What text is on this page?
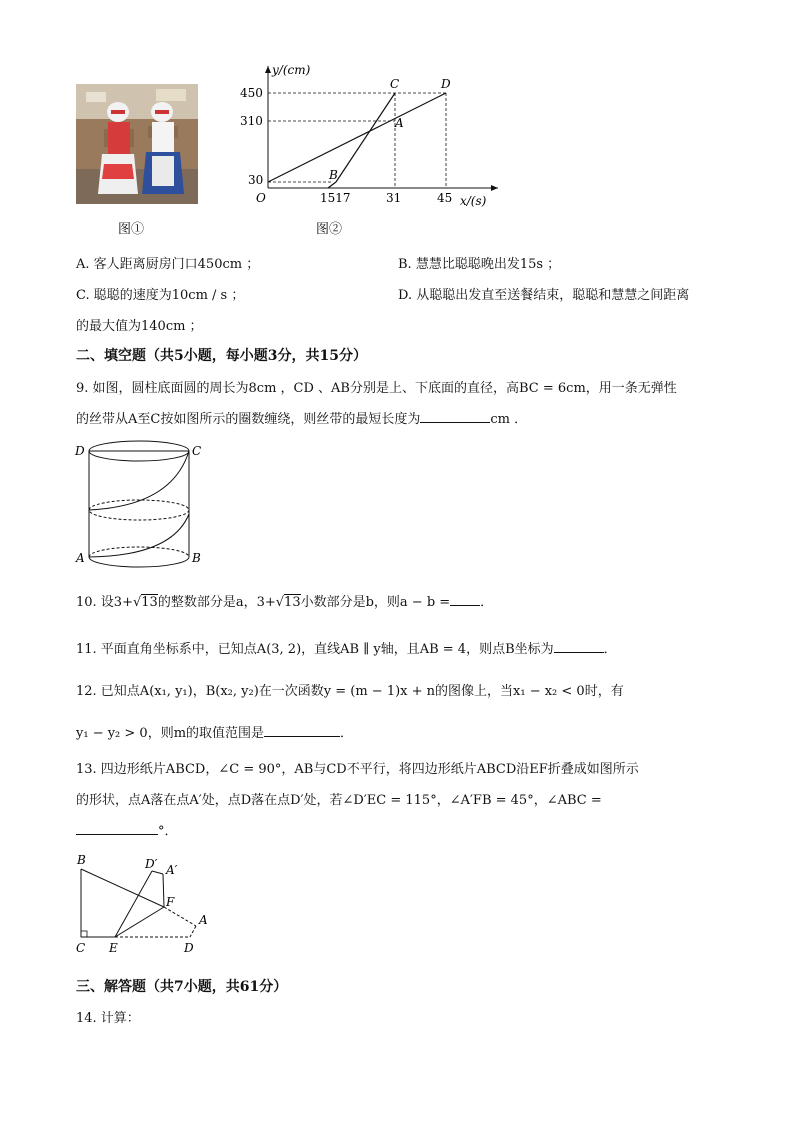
图①
y/(cm)
x/(s)
O
450
310
30
1517	31	45
C	D
A
B
图②
A. 客人距离厨房门口450cm ；	B. 慧慧比聪聪晚出发15s ；
C. 聪聪的速度为10cm / s ；	D. 从聪聪出发直至送餐结束，聪聪和慧慧之间距离
的最大值为140cm ；
二、填空题（共5小题，每小题3分，共15分）
9. 如图，圆柱底面圆的周长为8cm ，CD 、AB分别是上、下底面的直径，高BC = 6cm，用一条无弹性
的丝带从A至C按如图所示的圈数缠绕，则丝带的最短长度为	cm ．
D	C
A	B
10. 设3+√13的整数部分是a，3+√13小数部分是b，则a − b = ．
11. 平面直角坐标系中，已知点A(3, 2)，直线AB ∥ y轴，且AB = 4，则点B坐标为	．
12. 已知点A(x₁, y₁)，B(x₂, y₂)在一次函数y = (m − 1)x + n的图像上，当x₁ − x₂ < 0时，有
y₁ − y₂ > 0，则m的取值范围是	．
13. 四边形纸片ABCD，∠C = 90°，AB与CD不平行，将四边形纸片ABCD沿EF折叠成如图所示
的形状，点A落在点A′处，点D落在点D′处，若∠D′EC = 115°，∠A′FB = 45°，∠ABC =
°．
B	D′ A′
F
A
C E	D
三、解答题（共7小题，共61分）
14. 计算：
